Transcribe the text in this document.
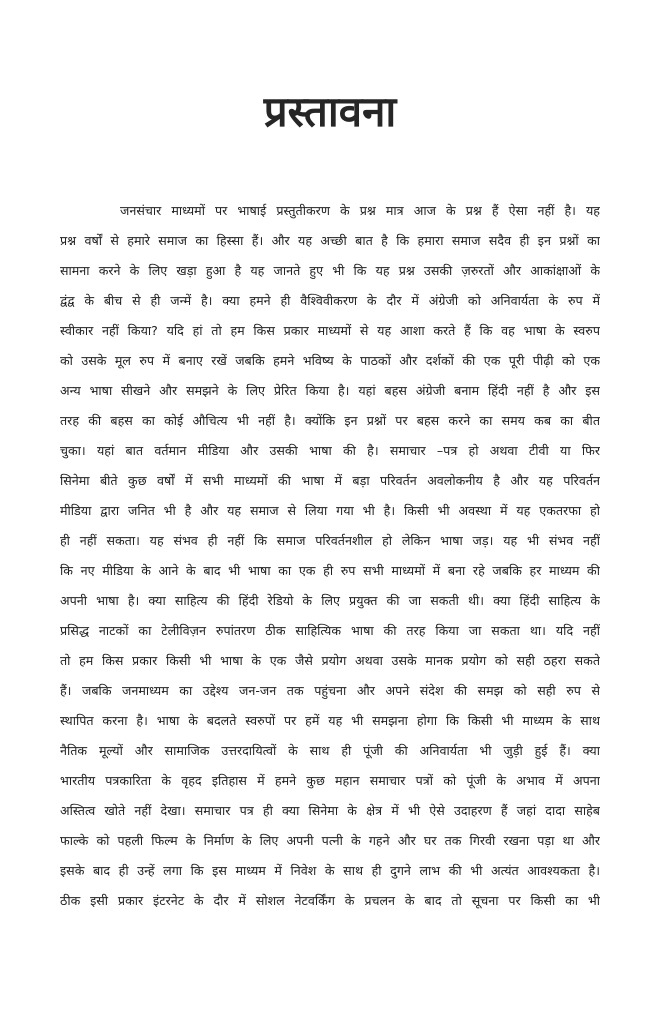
प्रस्तावना
जनसंचार माध्यमों पर भाषाई प्रस्तुतीकरण के प्रश्न मात्र आज के प्रश्न हैं ऐसा नहीं है। यह
प्रश्न वर्षों से हमारे समाज का हिस्सा हैं। और यह अच्छी बात है कि हमारा समाज सदैव ही इन प्रश्नों का
सामना करने के लिए खड़ा हुआ है यह जानते हुए भी कि यह प्रश्न उसकी ज़रुरतों और आकांक्षाओं के
द्वंद्व के बीच से ही जन्में है। क्या हमने ही वैश्विवीकरण के दौर में अंग्रेजी को अनिवार्यता के रुप में
स्वीकार नहीं किया? यदि हां तो हम किस प्रकार माध्यमों से यह आशा करते हैं कि वह भाषा के स्वरुप
को उसके मूल रुप में बनाए रखें जबकि हमने भविष्य के पाठकों और दर्शकों की एक पूरी पीढ़ी को एक
अन्य भाषा सीखने और समझने के लिए प्रेरित किया है। यहां बहस अंग्रेजी बनाम हिंदी नहीं है और इस
तरह की बहस का कोई औचित्य भी नहीं है। क्योंकि इन प्रश्नों पर बहस करने का समय कब का बीत
चुका। यहां बात वर्तमान मीडिया और उसकी भाषा की है। समाचार –पत्र हो अथवा टीवी या फिर
सिनेमा बीते कुछ वर्षों में सभी माध्यमों की भाषा में बड़ा परिवर्तन अवलोकनीय है और यह परिवर्तन
मीडिया द्वारा जनित भी है और यह समाज से लिया गया भी है। किसी भी अवस्था में यह एकतरफा हो
ही नहीं सकता। यह संभव ही नहीं कि समाज परिवर्तनशील हो लेकिन भाषा जड़। यह भी संभव नहीं
कि नए मीडिया के आने के बाद भी भाषा का एक ही रुप सभी माध्यमों में बना रहे जबकि हर माध्यम की
अपनी भाषा है। क्या साहित्य की हिंदी रेडियो के लिए प्रयुक्त की जा सकती थी। क्या हिंदी साहित्य के
प्रसिद्ध नाटकों का टेलीविज़न रुपांतरण ठीक साहित्यिक भाषा की तरह किया जा सकता था। यदि नहीं
तो हम किस प्रकार किसी भी भाषा के एक जैसे प्रयोग अथवा उसके मानक प्रयोग को सही ठहरा सकते
हैं। जबकि जनमाध्यम का उद्देश्य जन-जन तक पहुंचना और अपने संदेश की समझ को सही रुप से
स्थापित करना है। भाषा के बदलते स्वरुपों पर हमें यह भी समझना होगा कि किसी भी माध्यम के साथ
नैतिक मूल्यों और सामाजिक उत्तरदायित्वों के साथ ही पूंजी की अनिवार्यता भी जुड़ी हुई हैं। क्या
भारतीय पत्रकारिता के वृहद इतिहास में हमने कुछ महान समाचार पत्रों को पूंजी के अभाव में अपना
अस्तित्व खोते नहीं देखा। समाचार पत्र ही क्या सिनेमा के क्षेत्र में भी ऐसे उदाहरण हैं जहां दादा साहेब
फाल्के को पहली फिल्म के निर्माण के लिए अपनी पत्नी के गहने और घर तक गिरवी रखना पड़ा था और
इसके बाद ही उन्हें लगा कि इस माध्यम में निवेश के साथ ही दुगने लाभ की भी अत्यंत आवश्यकता है।
ठीक इसी प्रकार इंटरनेट के दौर में सोशल नेटवर्किंग के प्रचलन के बाद तो सूचना पर किसी का भी
